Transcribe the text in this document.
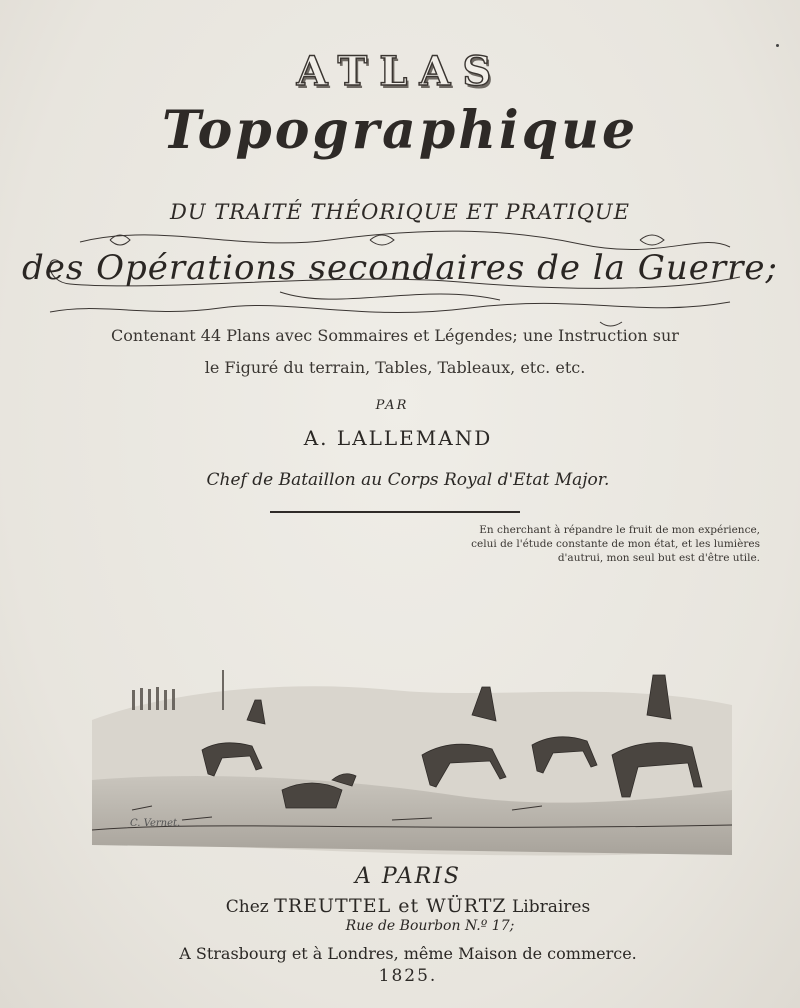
ATLAS
Topographique
DU TRAITÉ THÉORIQUE ET PRATIQUE
des Opérations secondaires de la Guerre;
Contenant 44 Plans avec Sommaires et Légendes; une Instruction sur
le Figuré du terrain, Tables, Tableaux, etc. etc.
PAR
A. LALLEMAND
Chef de Bataillon au Corps Royal d'Etat Major.
En cherchant à répandre le fruit de mon expérience,
celui de l'étude constante de mon état, et les lumières
d'autrui, mon seul but est d'être utile.
C. Vernet.
A PARIS
Chez TREUTTEL et WÜRTZ Libraires
Rue de Bourbon N.º 17;
A Strasbourg et à Londres, même Maison de commerce.
1825.
